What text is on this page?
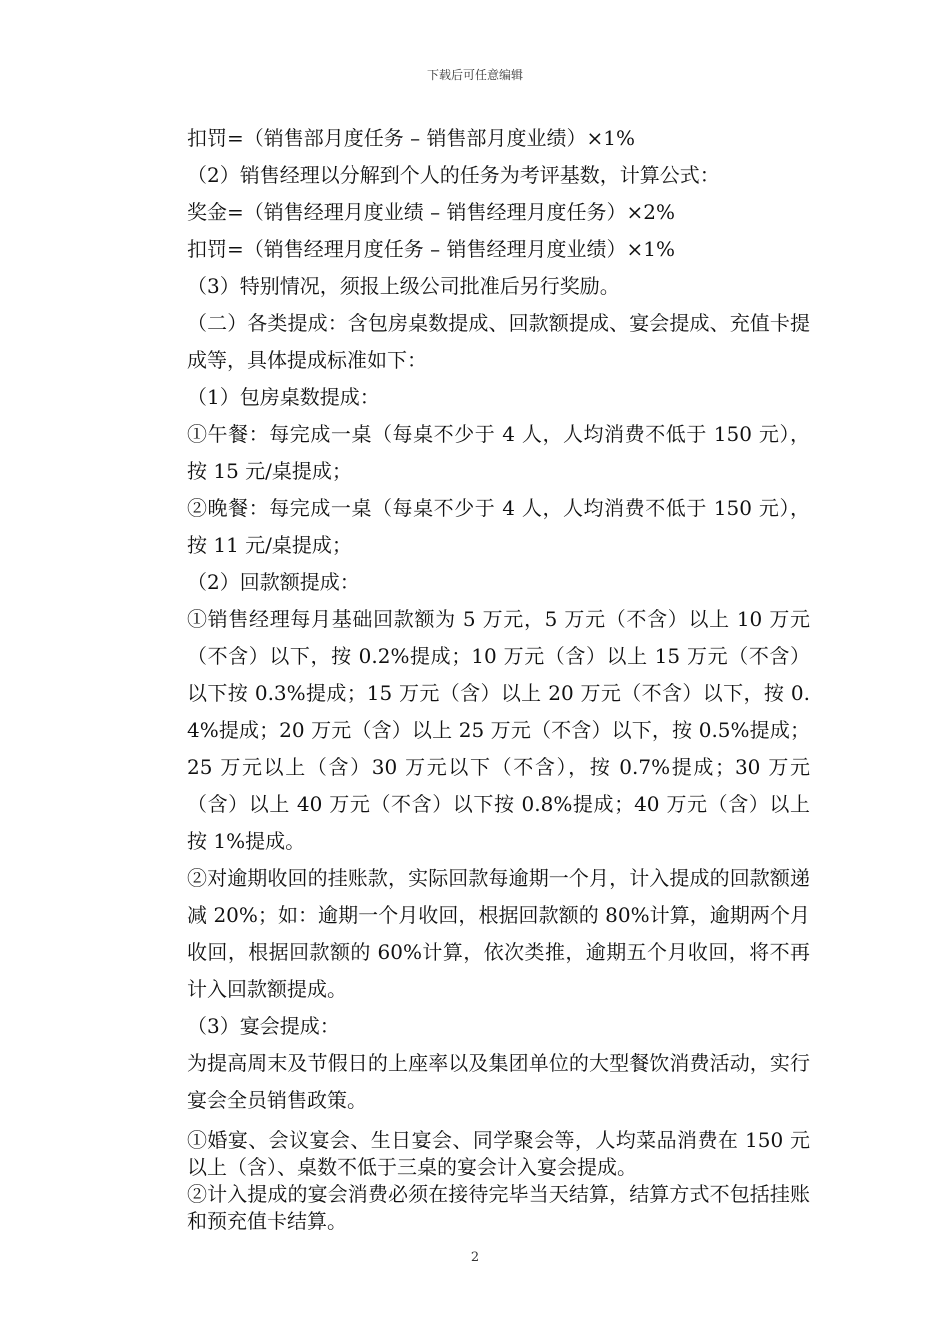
下载后可任意编辑

扣罚=（销售部月度任务 – 销售部月度业绩）×1%

（2）销售经理以分解到个人的任务为考评基数，计算公式：

奖金=（销售经理月度业绩 – 销售经理月度任务）×2%

扣罚=（销售经理月度任务 – 销售经理月度业绩）×1%

（3）特别情况，须报上级公司批准后另行奖励。

（二）各类提成：含包房桌数提成、回款额提成、宴会提成、充值卡提成等，具体提成标准如下：

（1）包房桌数提成：

①午餐：每完成一桌（每桌不少于 4 人，人均消费不低于 150 元），按 15 元/桌提成；

②晚餐：每完成一桌（每桌不少于 4 人，人均消费不低于 150 元），按 11 元/桌提成；

（2）回款额提成：

①销售经理每月基础回款额为 5 万元，5 万元（不含）以上 10 万元（不含）以下，按 0.2%提成；10 万元（含）以上 15 万元（不含）以下按 0.3%提成；15 万元（含）以上 20 万元（不含）以下，按 0.4%提成；20 万元（含）以上 25 万元（不含）以下，按 0.5%提成；25 万元以上（含）30 万元以下（不含），按 0.7%提成；30 万元（含）以上 40 万元（不含）以下按 0.8%提成；40 万元（含）以上按 1%提成。

②对逾期收回的挂账款，实际回款每逾期一个月，计入提成的回款额递减 20%；如：逾期一个月收回，根据回款额的 80%计算，逾期两个月收回，根据回款额的 60%计算，依次类推，逾期五个月收回，将不再计入回款额提成。

（3）宴会提成：

为提高周末及节假日的上座率以及集团单位的大型餐饮消费活动，实行宴会全员销售政策。

①婚宴、会议宴会、生日宴会、同学聚会等，人均菜品消费在 150 元以上（含）、桌数不低于三桌的宴会计入宴会提成。

②计入提成的宴会消费必须在接待完毕当天结算，结算方式不包括挂账和预充值卡结算。

2
